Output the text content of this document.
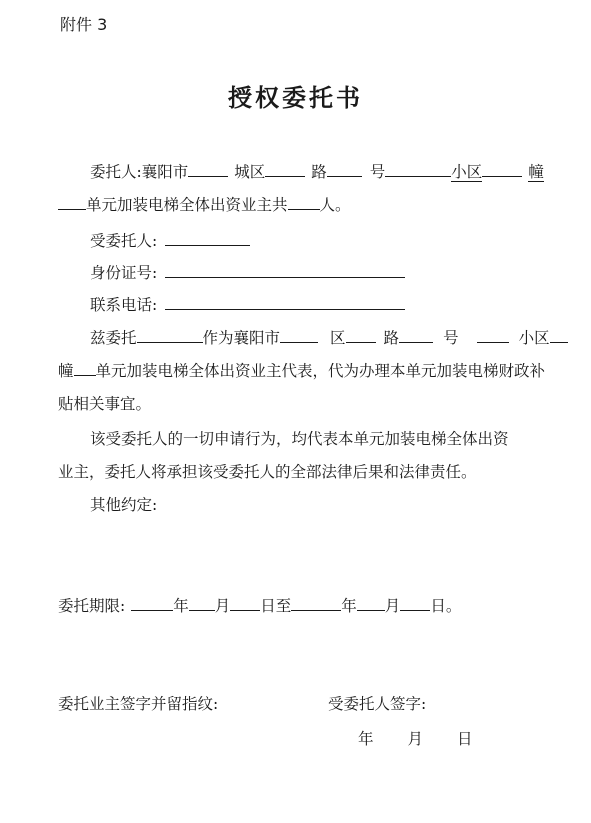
附件 3
授权委托书
委托人:襄阳市	城区	路	号	小区	幢
单元加装电梯全体出资业主共 人。
受委托人:
身份证号:
联系电话:
兹委托	作为襄阳市	区 路	号	小区
幢 单元加装电梯全体出资业主代表，代为办理本单元加装电梯财政补
贴相关事宜。
该受委托人的一切申请行为，均代表本单元加装电梯全体出资
业主，委托人将承担该受委托人的全部法律后果和法律责任。
其他约定:
委托期限:	年 月 日至	年 月 日。
委托业主签字并留指纹:	受委托人签字:
年 月 日
